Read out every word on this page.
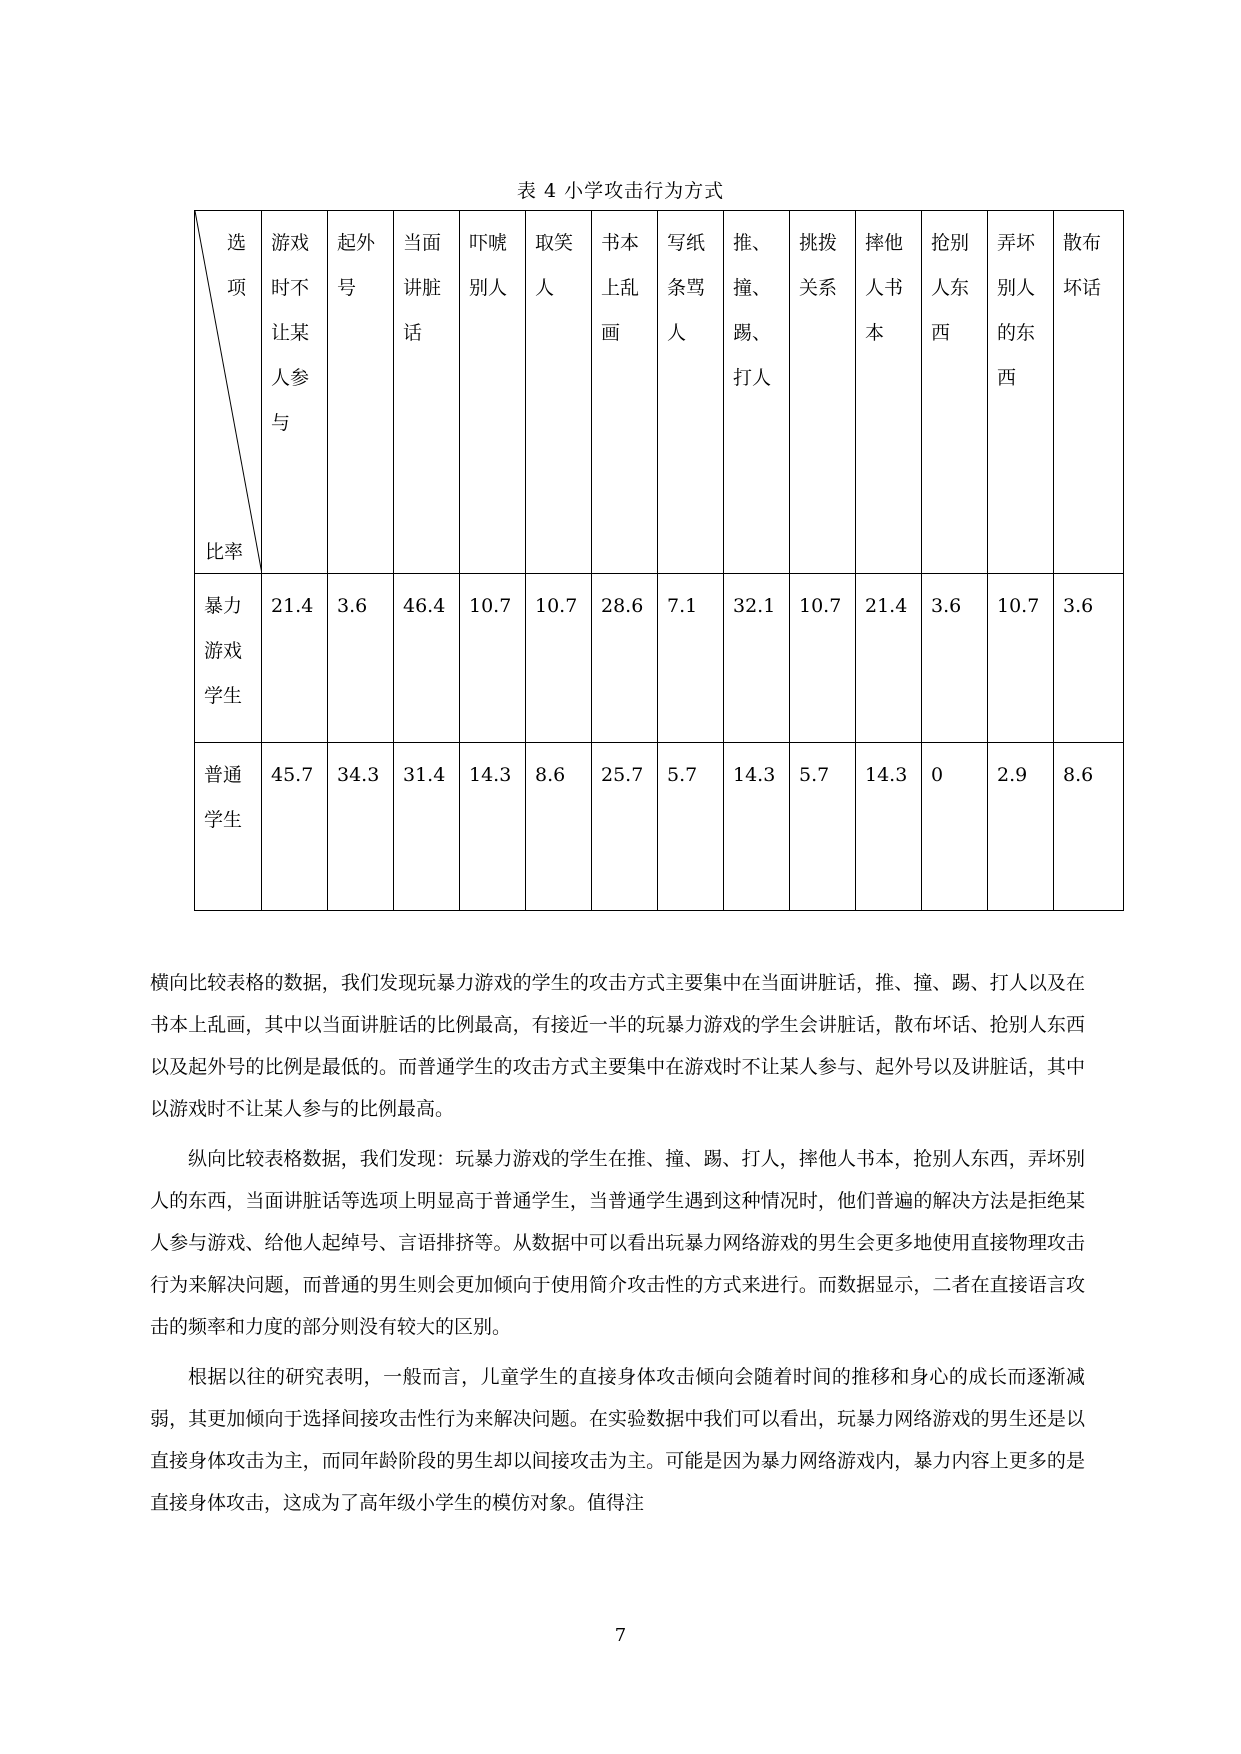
表 4 小学攻击行为方式
选项
比率	游戏时不让某人参与	起外号	当面讲脏话	吓唬别人	取笑人	书本上乱画	写纸条骂人	推、撞、踢、打人	挑拨关系	摔他人书本	抢别人东西	弄坏别人的东西	散布坏话
暴力游戏学生	21.4	3.6	46.4	10.7	10.7	28.6	7.1	32.1	10.7	21.4	3.6	10.7	3.6
普通学生	45.7	34.3	31.4	14.3	8.6	25.7	5.7	14.3	5.7	14.3	0	2.9	8.6

横向比较表格的数据，我们发现玩暴力游戏的学生的攻击方式主要集中在当面讲脏话，推、撞、踢、打人以及在书本上乱画，其中以当面讲脏话的比例最高，有接近一半的玩暴力游戏的学生会讲脏话，散布坏话、抢别人东西以及起外号的比例是最低的。而普通学生的攻击方式主要集中在游戏时不让某人参与、起外号以及讲脏话，其中以游戏时不让某人参与的比例最高。

纵向比较表格数据，我们发现：玩暴力游戏的学生在推、撞、踢、打人，摔他人书本，抢别人东西，弄坏别人的东西，当面讲脏话等选项上明显高于普通学生，当普通学生遇到这种情况时，他们普遍的解决方法是拒绝某人参与游戏、给他人起绰号、言语排挤等。从数据中可以看出玩暴力网络游戏的男生会更多地使用直接物理攻击行为来解决问题，而普通的男生则会更加倾向于使用简介攻击性的方式来进行。而数据显示，二者在直接语言攻击的频率和力度的部分则没有较大的区别。

根据以往的研究表明，一般而言，儿童学生的直接身体攻击倾向会随着时间的推移和身心的成长而逐渐减弱，其更加倾向于选择间接攻击性行为来解决问题。在实验数据中我们可以看出，玩暴力网络游戏的男生还是以直接身体攻击为主，而同年龄阶段的男生却以间接攻击为主。可能是因为暴力网络游戏内，暴力内容上更多的是直接身体攻击，这成为了高年级小学生的模仿对象。值得注

7
